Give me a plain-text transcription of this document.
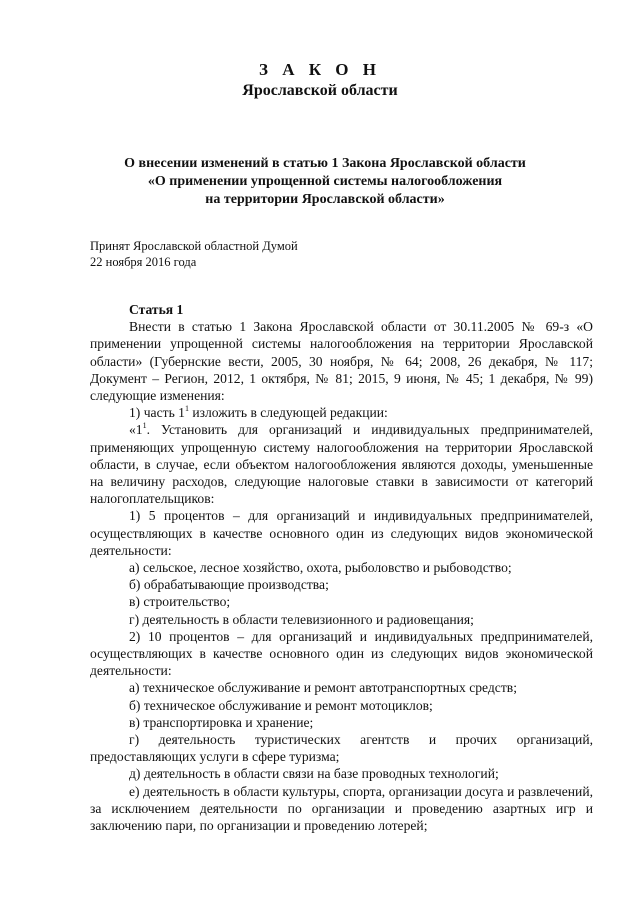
З А К О Н
Ярославской области
О внесении изменений в статью 1 Закона Ярославской области
«О применении упрощенной системы налогообложения
на территории Ярославской области»
Принят Ярославской областной Думой
22 ноября 2016 года

Статья 1

Внести в статью 1 Закона Ярославской области от 30.11.2005 № 69-з «О применении упрощенной системы налогообложения на территории Ярославской области» (Губернские вести, 2005, 30 ноября, № 64; 2008, 26 декабря, № 117; Документ – Регион, 2012, 1 октября, № 81; 2015, 9 июня, № 45; 1 декабря, № 99) следующие изменения:

1) часть $1^1$ изложить в следующей редакции:

«$1^1$. Установить для организаций и индивидуальных предпринимателей, применяющих упрощенную систему налогообложения на территории Ярославской области, в случае, если объектом налогообложения являются доходы, уменьшенные на величину расходов, следующие налоговые ставки в зависимости от категорий налогоплательщиков:

1) 5 процентов – для организаций и индивидуальных предпринимателей, осуществляющих в качестве основного один из следующих видов экономической деятельности:

а) сельское, лесное хозяйство, охота, рыболовство и рыбоводство;

б) обрабатывающие производства;

в) строительство;

г) деятельность в области телевизионного и радиовещания;

2) 10 процентов – для организаций и индивидуальных предпринимателей, осуществляющих в качестве основного один из следующих видов экономической деятельности:

а) техническое обслуживание и ремонт автотранспортных средств;

б) техническое обслуживание и ремонт мотоциклов;

в) транспортировка и хранение;

г) деятельность туристических агентств и прочих организаций, предоставляющих услуги в сфере туризма;

д) деятельность в области связи на базе проводных технологий;

е) деятельность в области культуры, спорта, организации досуга и развлечений, за исключением деятельности по организации и проведению азартных игр и заключению пари, по организации и проведению лотерей;
